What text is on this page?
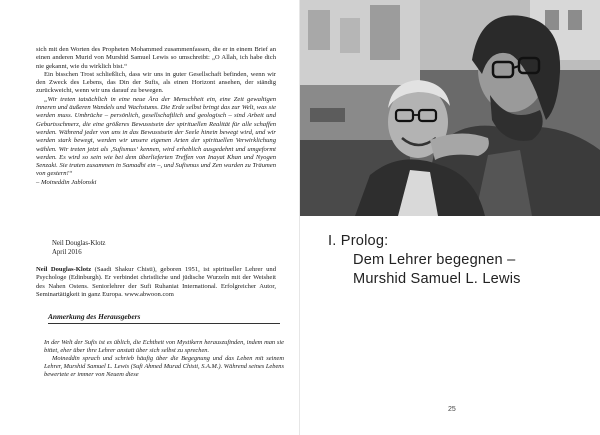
sich mit den Worten des Propheten Mohammed zusammenfassen, die er in einem Brief an einen anderen Murid von Murshid Samuel Lewis so umschreibt: „O Allah, ich habe dich nie gekannt, wie du wirklich bist.“

Ein bisschen Trost schließlich, dass wir uns in guter Gesellschaft befinden, wenn wir den Zweck des Lebens, das Din der Sufis, als einen Horizont ansehen, der ständig zurückweicht, wenn wir uns darauf zu bewegen.

„Wir treten tatsächlich in eine neue Ära der Menschheit ein, eine Zeit gewaltigen inneren und äußeren Wandels und Wachstums. Die Erde selbst bringt das zur Welt, was sie werden muss. Umbrüche – persönlich, gesellschaftlich und geologisch – sind Arbeit und Geburtsschmerz, die eine größeres Bewusstsein der spirituellen Realität für alle schaffen werden. Während jeder von uns in das Bewusstsein der Seele hinein bewegt wird, und wir werden stark bewegt, werden wir unsere eigenen Arten der spirituellen Verwirklichung wählen. Wir treten jetzt als ‚Sufismus‘ kennen, wird erheblich ausgedehnt und umgeformt werden. Es wird so sein wie bei dem überlieferten Treffen von Inayat Khan und Nyogen Senzaki. Sie traten zusammen in Samadhi ein –, und Sufismus und Zen wurden zu Träumen von gestern!“

– Moineddin Jablonski

Neil Douglas-Klotz
April 2016
Neil Douglas-Klotz (Saadi Shakur Chisti), geboren 1951, ist spiritueller Lehrer und Psychologe (Edinburgh). Er verbindet christliche und jüdische Wurzeln mit der Weisheit des Nahen Ostens. Seniorlehrer der Sufi Ruhaniat International. Erfolgreicher Autor, Seminartätigkeit in ganz Europa. www.abwoon.com
I. Prolog:
Dem Lehrer begegnen –
Murshid Samuel L. Lewis
Anmerkung des Herausgebers

In der Welt der Sufis ist es üblich, die Echtheit von Mystikern herauszufinden, indem man sie bittet, eher über ihre Lehrer anstatt über sich selbst zu sprechen.

Moineddin sprach und schrieb häufig über die Begegnung und das Leben mit seinem Lehrer, Murshid Samuel L. Lewis (Sufi Ahmed Murad Chisti, S.A.M.). Während seines Lebens bewertete er immer von Neuem diese

25
